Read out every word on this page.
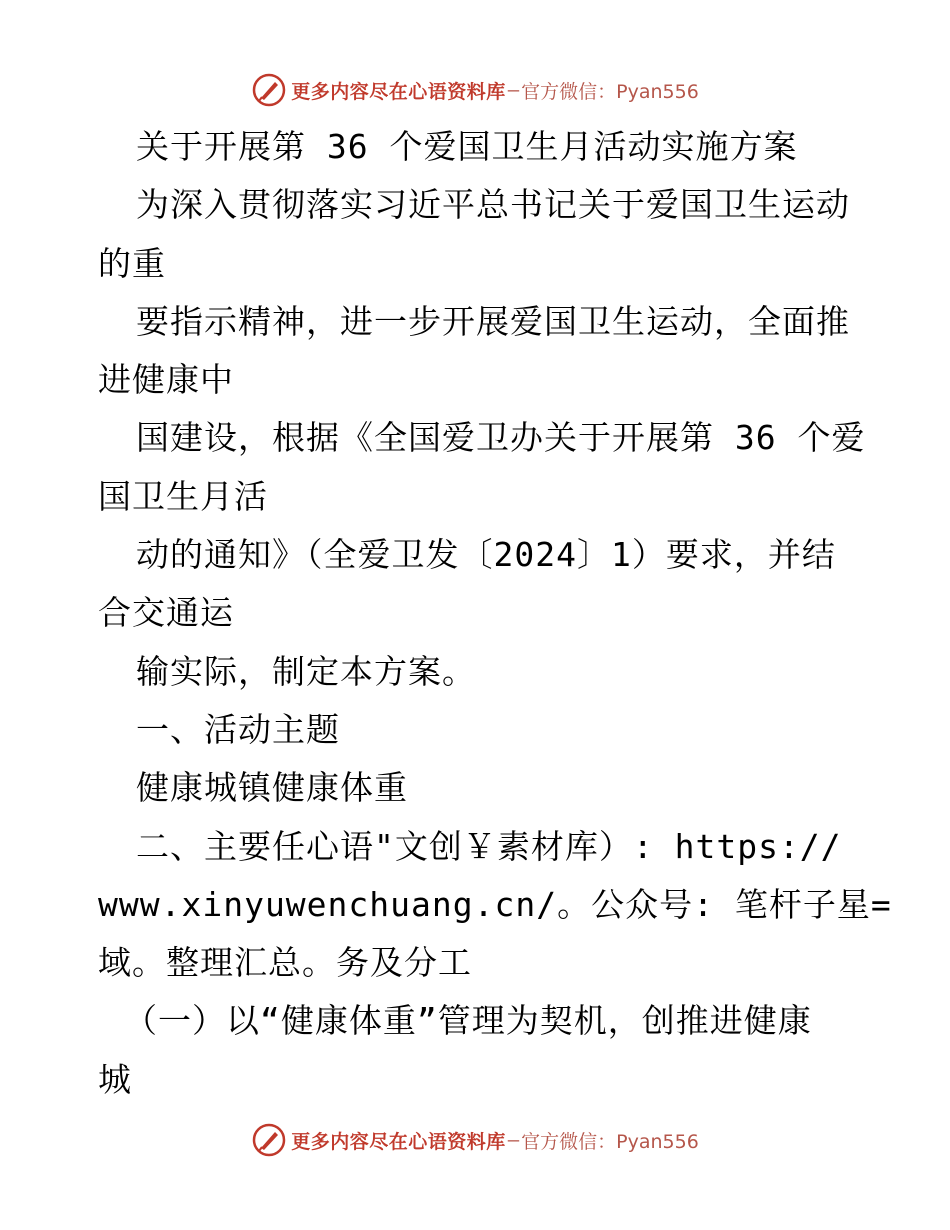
更多内容尽在心语资料库 — 官方微信：Pyan556
关于开展第 36 个爱国卫生月活动实施方案
为深入贯彻落实习近平总书记关于爱国卫生运动
的重
要指示精神，进一步开展爱国卫生运动，全面推
进健康中
国建设，根据《全国爱卫办关于开展第 36 个爱
国卫生月活
动的通知》（全爱卫发〔2024〕1）要求，并结
合交通运
输实际，制定本方案。
一、活动主题
健康城镇健康体重
二、主要任心语"文创￥素材库）: https://
www.xinyuwenchuang.cn/。公众号: 笔杆子星=
域。整理汇总。务及分工
（一）以“健康体重”管理为契机，创推进健康
城
更多内容尽在心语资料库 — 官方微信：Pyan556
